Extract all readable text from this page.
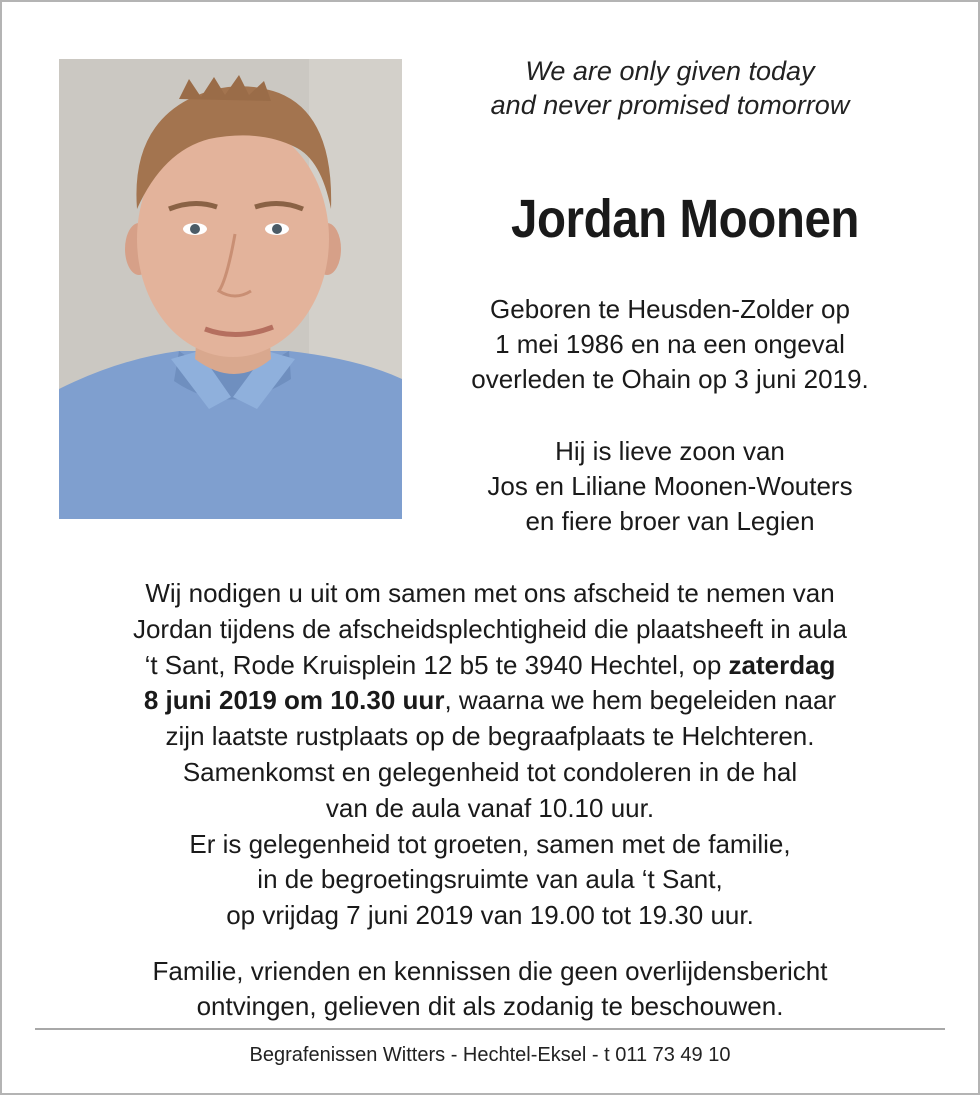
We are only given today
and never promised tomorrow

Jordan Moonen

Geboren te Heusden-Zolder op
1 mei 1986 en na een ongeval
overleden te Ohain op 3 juni 2019.

Hij is lieve zoon van
Jos en Liliane Moonen-Wouters
en fiere broer van Legien

Wij nodigen u uit om samen met ons afscheid te nemen van
Jordan tijdens de afscheidsplechtigheid die plaatsheeft in aula
‘t Sant, Rode Kruisplein 12 b5 te 3940 Hechtel, op zaterdag
8 juni 2019 om 10.30 uur, waarna we hem begeleiden naar
zijn laatste rustplaats op de begraafplaats te Helchteren.
Samenkomst en gelegenheid tot condoleren in de hal
van de aula vanaf 10.10 uur.
Er is gelegenheid tot groeten, samen met de familie,
in de begroetingsruimte van aula ‘t Sant,
op vrijdag 7 juni 2019 van 19.00 tot 19.30 uur.

Familie, vrienden en kennissen die geen overlijdensbericht
ontvingen, gelieven dit als zodanig te beschouwen.

Begrafenissen Witters - Hechtel-Eksel - t 011 73 49 10
